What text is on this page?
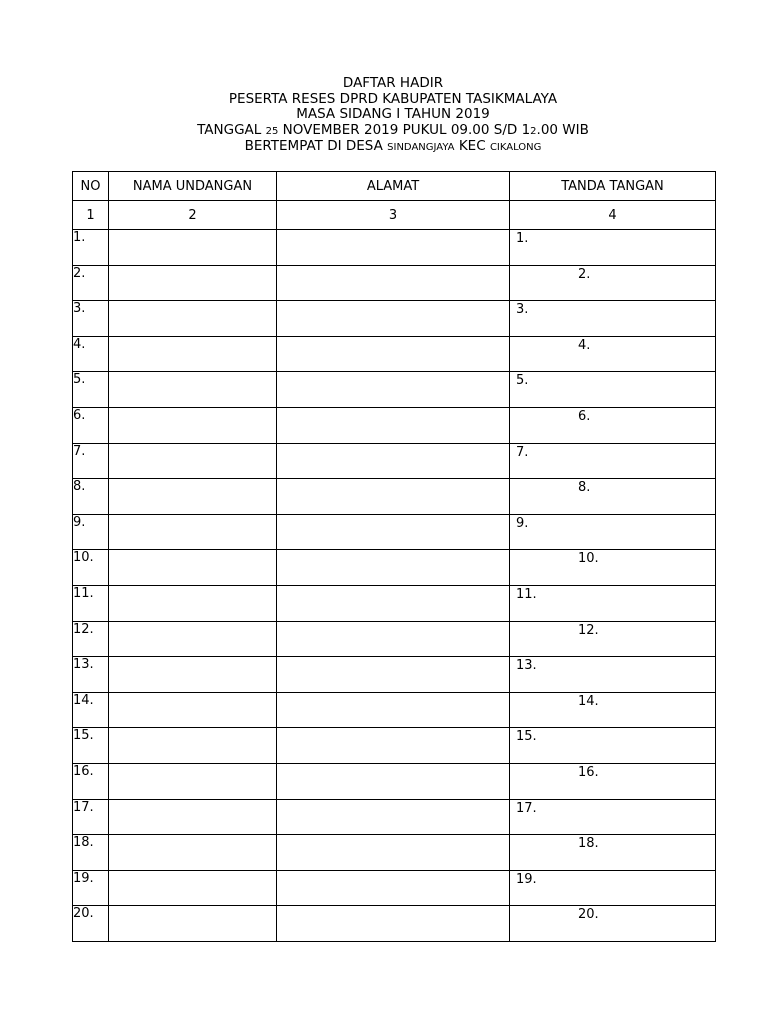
DAFTAR HADIR
PESERTA RESES DPRD KABUPATEN TASIKMALAYA
MASA SIDANG I TAHUN 2019
TANGGAL 25 NOVEMBER 2019 PUKUL 09.00 S/D 12.00 WIB
BERTEMPAT DI DESA SINDANGJAYA KEC CIKALONG
NO	NAMA UNDANGAN	ALAMAT	TANDA TANGAN
1	2	3	4
1.			1.

2.			2.

3.			3.

4.			4.

5.			5.

6.			6.

7.			7.

8.			8.

9.			9.

10.			10.

11.			11.

12.			12.

13.			13.

14.			14.

15.			15.

16.			16.

17.			17.

18.			18.

19.			19.

20.			20.
